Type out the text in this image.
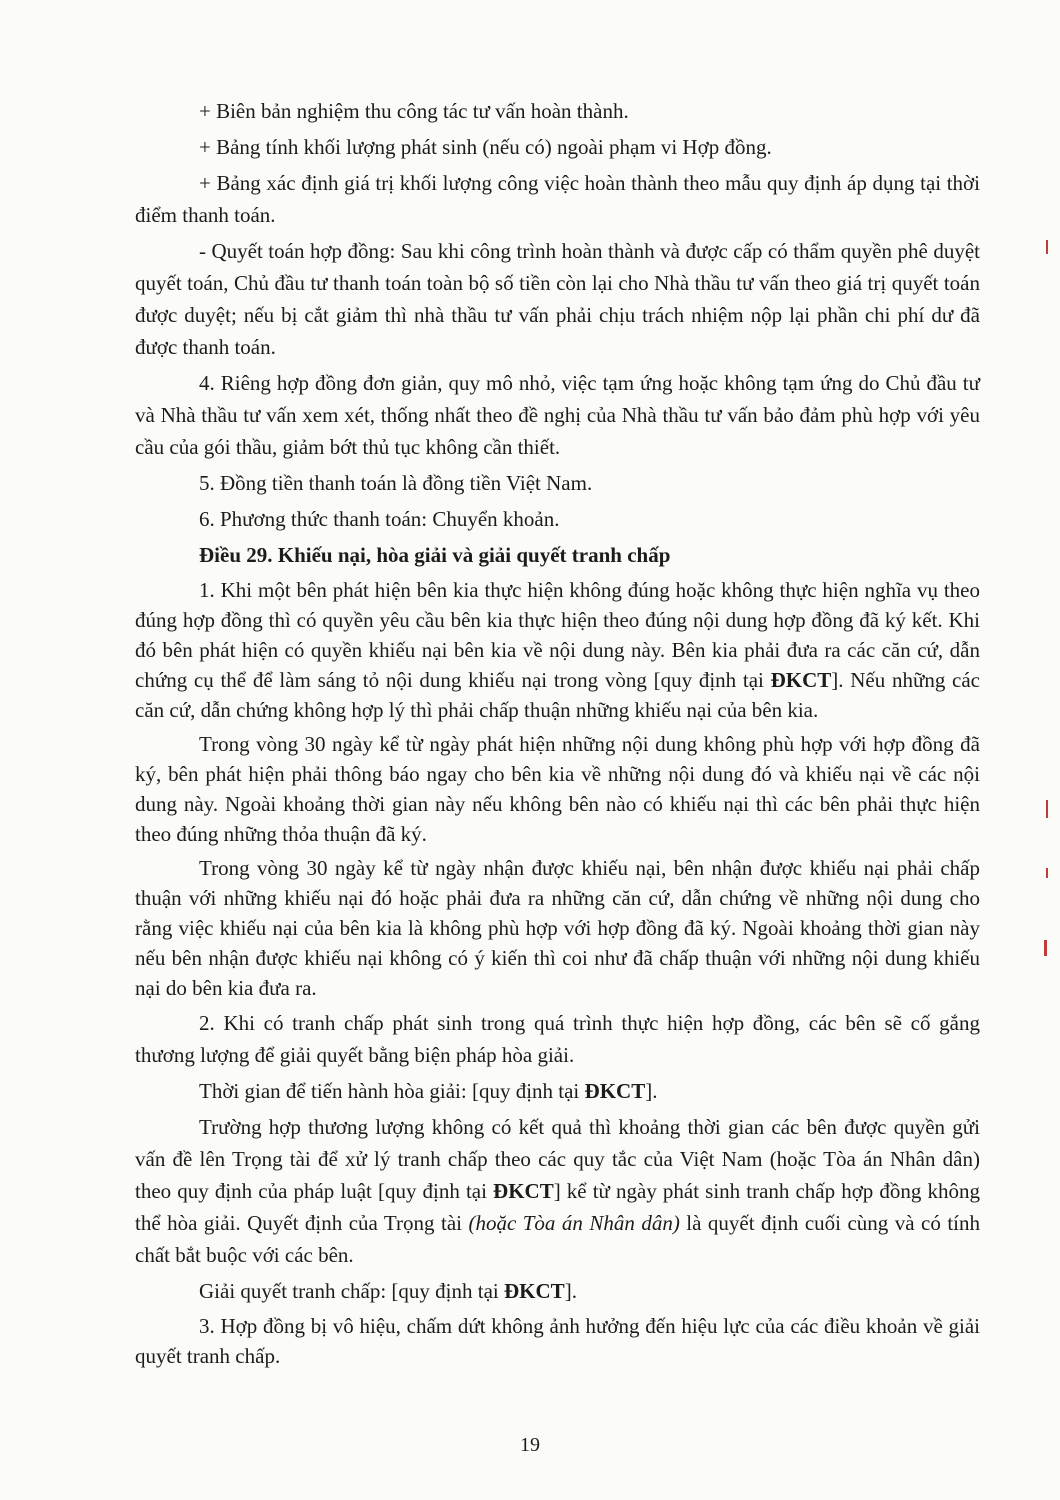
+ Biên bản nghiệm thu công tác tư vấn hoàn thành.

+ Bảng tính khối lượng phát sinh (nếu có) ngoài phạm vi Hợp đồng.

+ Bảng xác định giá trị khối lượng công việc hoàn thành theo mẫu quy định áp dụng tại thời điểm thanh toán.

- Quyết toán hợp đồng: Sau khi công trình hoàn thành và được cấp có thẩm quyền phê duyệt quyết toán, Chủ đầu tư thanh toán toàn bộ số tiền còn lại cho Nhà thầu tư vấn theo giá trị quyết toán được duyệt; nếu bị cắt giảm thì nhà thầu tư vấn phải chịu trách nhiệm nộp lại phần chi phí dư đã được thanh toán.

4. Riêng hợp đồng đơn giản, quy mô nhỏ, việc tạm ứng hoặc không tạm ứng do Chủ đầu tư và Nhà thầu tư vấn xem xét, thống nhất theo đề nghị của Nhà thầu tư vấn bảo đảm phù hợp với yêu cầu của gói thầu, giảm bớt thủ tục không cần thiết.

5. Đồng tiền thanh toán là đồng tiền Việt Nam.

6. Phương thức thanh toán: Chuyển khoản.

Điều 29. Khiếu nại, hòa giải và giải quyết tranh chấp

1. Khi một bên phát hiện bên kia thực hiện không đúng hoặc không thực hiện nghĩa vụ theo đúng hợp đồng thì có quyền yêu cầu bên kia thực hiện theo đúng nội dung hợp đồng đã ký kết. Khi đó bên phát hiện có quyền khiếu nại bên kia về nội dung này. Bên kia phải đưa ra các căn cứ, dẫn chứng cụ thể để làm sáng tỏ nội dung khiếu nại trong vòng [quy định tại ĐKCT]. Nếu những các căn cứ, dẫn chứng không hợp lý thì phải chấp thuận những khiếu nại của bên kia.

Trong vòng 30 ngày kể từ ngày phát hiện những nội dung không phù hợp với hợp đồng đã ký, bên phát hiện phải thông báo ngay cho bên kia về những nội dung đó và khiếu nại về các nội dung này. Ngoài khoảng thời gian này nếu không bên nào có khiếu nại thì các bên phải thực hiện theo đúng những thỏa thuận đã ký.

Trong vòng 30 ngày kể từ ngày nhận được khiếu nại, bên nhận được khiếu nại phải chấp thuận với những khiếu nại đó hoặc phải đưa ra những căn cứ, dẫn chứng về những nội dung cho rằng việc khiếu nại của bên kia là không phù hợp với hợp đồng đã ký. Ngoài khoảng thời gian này nếu bên nhận được khiếu nại không có ý kiến thì coi như đã chấp thuận với những nội dung khiếu nại do bên kia đưa ra.

2. Khi có tranh chấp phát sinh trong quá trình thực hiện hợp đồng, các bên sẽ cố gắng thương lượng để giải quyết bằng biện pháp hòa giải.

Thời gian để tiến hành hòa giải: [quy định tại ĐKCT].

Trường hợp thương lượng không có kết quả thì khoảng thời gian các bên được quyền gửi vấn đề lên Trọng tài để xử lý tranh chấp theo các quy tắc của Việt Nam (hoặc Tòa án Nhân dân) theo quy định của pháp luật [quy định tại ĐKCT] kể từ ngày phát sinh tranh chấp hợp đồng không thể hòa giải. Quyết định của Trọng tài (hoặc Tòa án Nhân dân) là quyết định cuối cùng và có tính chất bắt buộc với các bên.

Giải quyết tranh chấp: [quy định tại ĐKCT].

3. Hợp đồng bị vô hiệu, chấm dứt không ảnh hưởng đến hiệu lực của các điều khoản về giải quyết tranh chấp.

19
